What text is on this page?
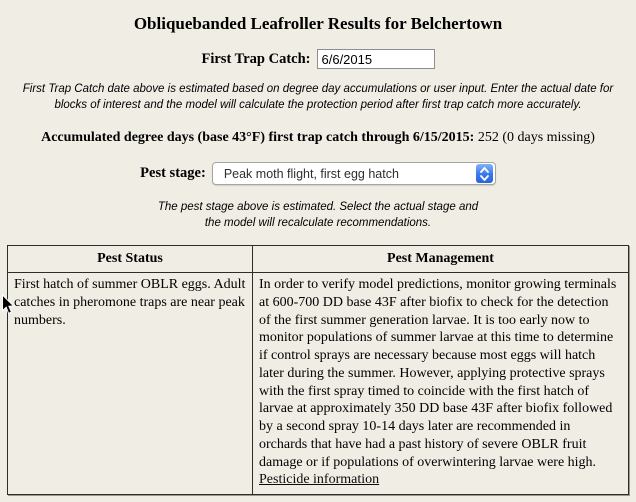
Obliquebanded Leafroller Results for Belchertown
First Trap Catch:
6/6/2015

First Trap Catch date above is estimated based on degree day accumulations or user input. Enter the actual date for blocks of interest and the model will calculate the protection period after first trap catch more accurately.

Accumulated degree days (base 43°F) first trap catch through 6/15/2015: 252 (0 days missing)
Pest stage: Peak moth flight, first egg hatch

The pest stage above is estimated. Select the actual stage and the model will recalculate recommendations.

Pest Status	Pest Management
First hatch of summer OBLR eggs. Adult catches in pheromone traps are near peak numbers.	In order to verify model predictions, monitor growing terminals at 600-700 DD base 43F after biofix to check for the detection of the first summer generation larvae. It is too early now to monitor populations of summer larvae at this time to determine if control sprays are necessary because most eggs will hatch later during the summer. However, applying protective sprays with the first spray timed to coincide with the first hatch of larvae at approximately 350 DD base 43F after biofix followed by a second spray 10-14 days later are recommended in orchards that have had a past history of severe OBLR fruit damage or if populations of overwintering larvae were high. Pesticide information
